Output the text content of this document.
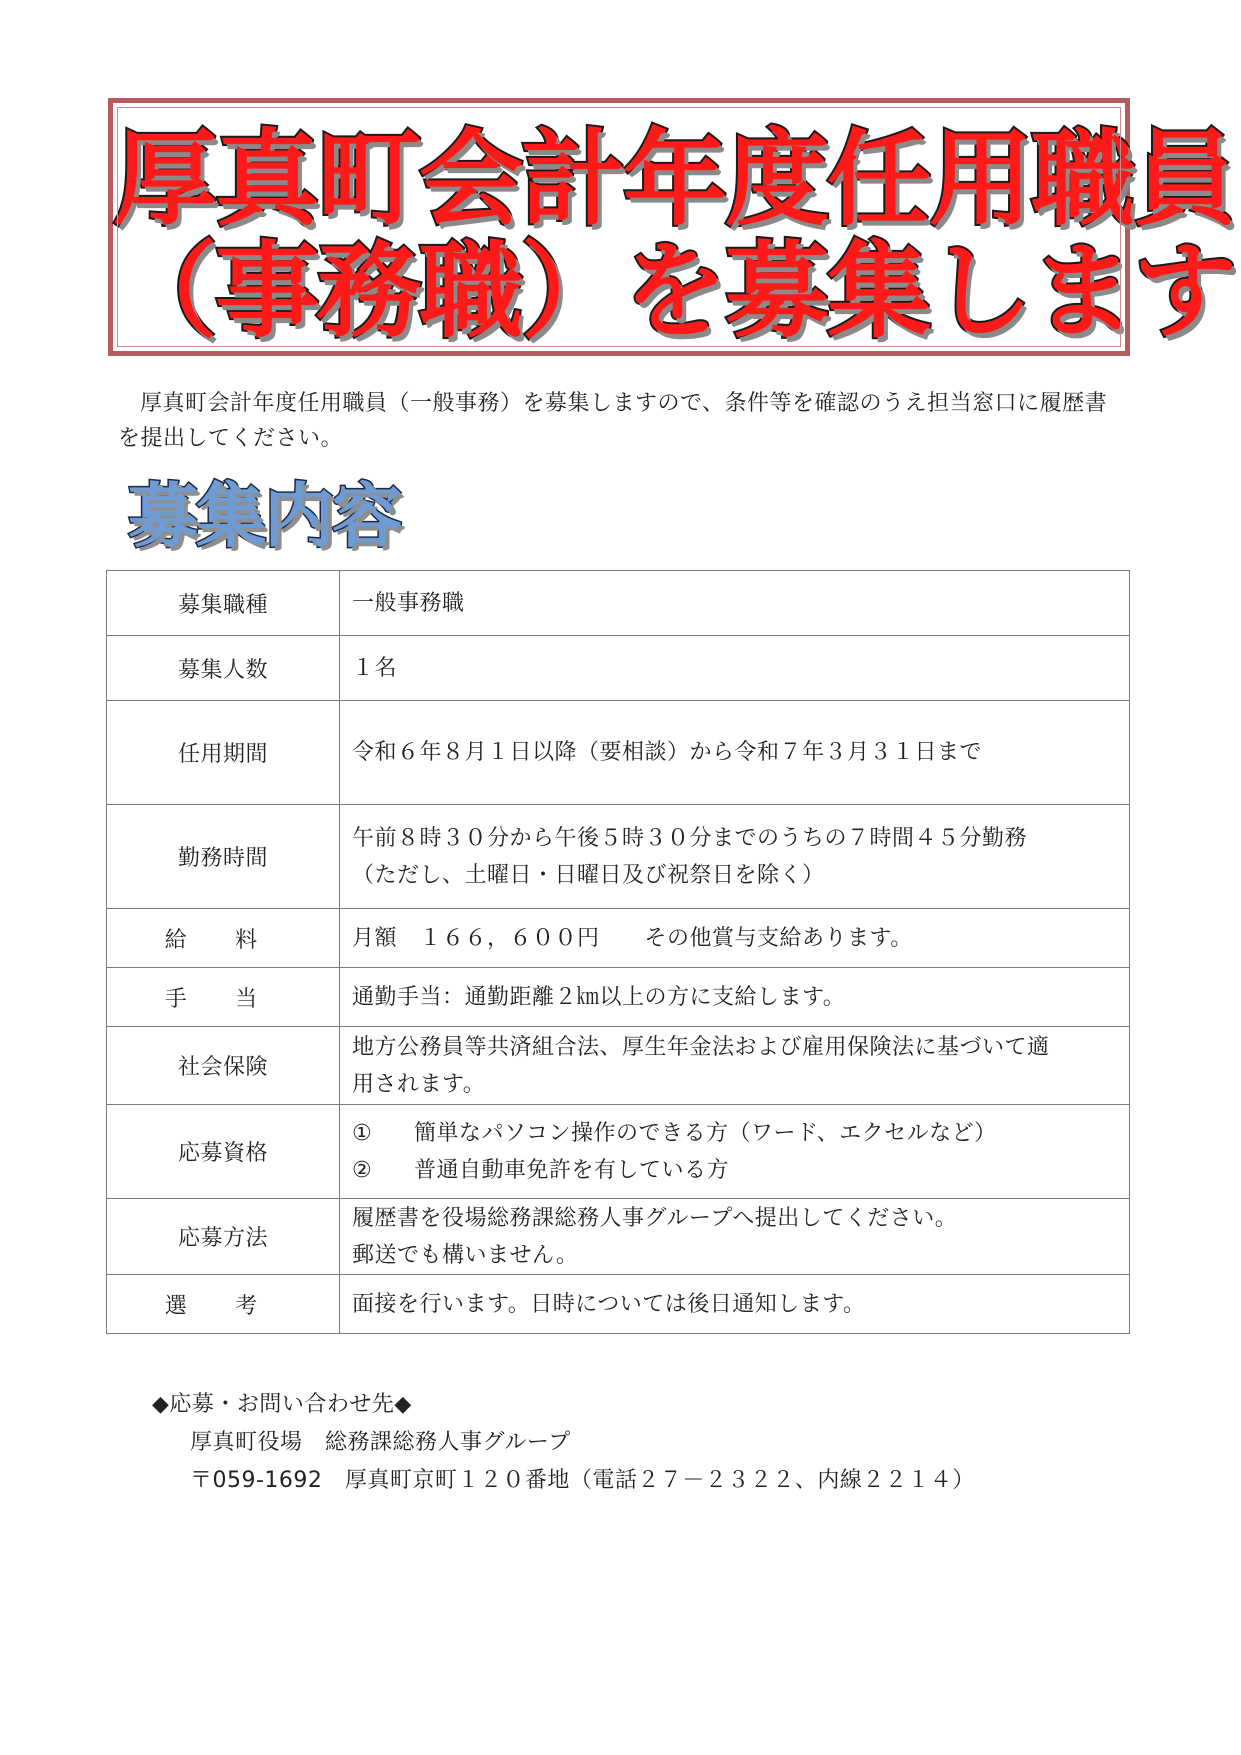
厚真町会計年度任用職員
（事務職）を募集します

厚真町会計年度任用職員（一般事務）を募集しますので、条件等を確認のうえ担当窓口に履歴書を提出してください。

募集内容
募集職種	一般事務職

募集人数	１名

任用期間	令和６年８月１日以降（要相談）から令和７年３月３１日まで

勤務時間	午前８時３０分から午後５時３０分までのうちの７時間４５分勤務
（ただし、土曜日・日曜日及び祝祭日を除く）

給料	月額　１６６，６００円　　その他賞与支給あります。

手当	通勤手当：通勤距離２㎞以上の方に支給します。

社会保険	地方公務員等共済組合法、厚生年金法および雇用保険法に基づいて適
用されます。

応募資格	① 簡単なパソコン操作のできる方（ワード、エクセルなど）
② 普通自動車免許を有している方

応募方法	履歴書を役場総務課総務人事グループへ提出してください。
郵送でも構いません。

選考	面接を行います。日時については後日通知します。
◆応募・お問い合わせ先◆
厚真町役場　総務課総務人事グループ
〒059-1692　厚真町京町１２０番地（電話２７－２３２２、内線２２１４）
